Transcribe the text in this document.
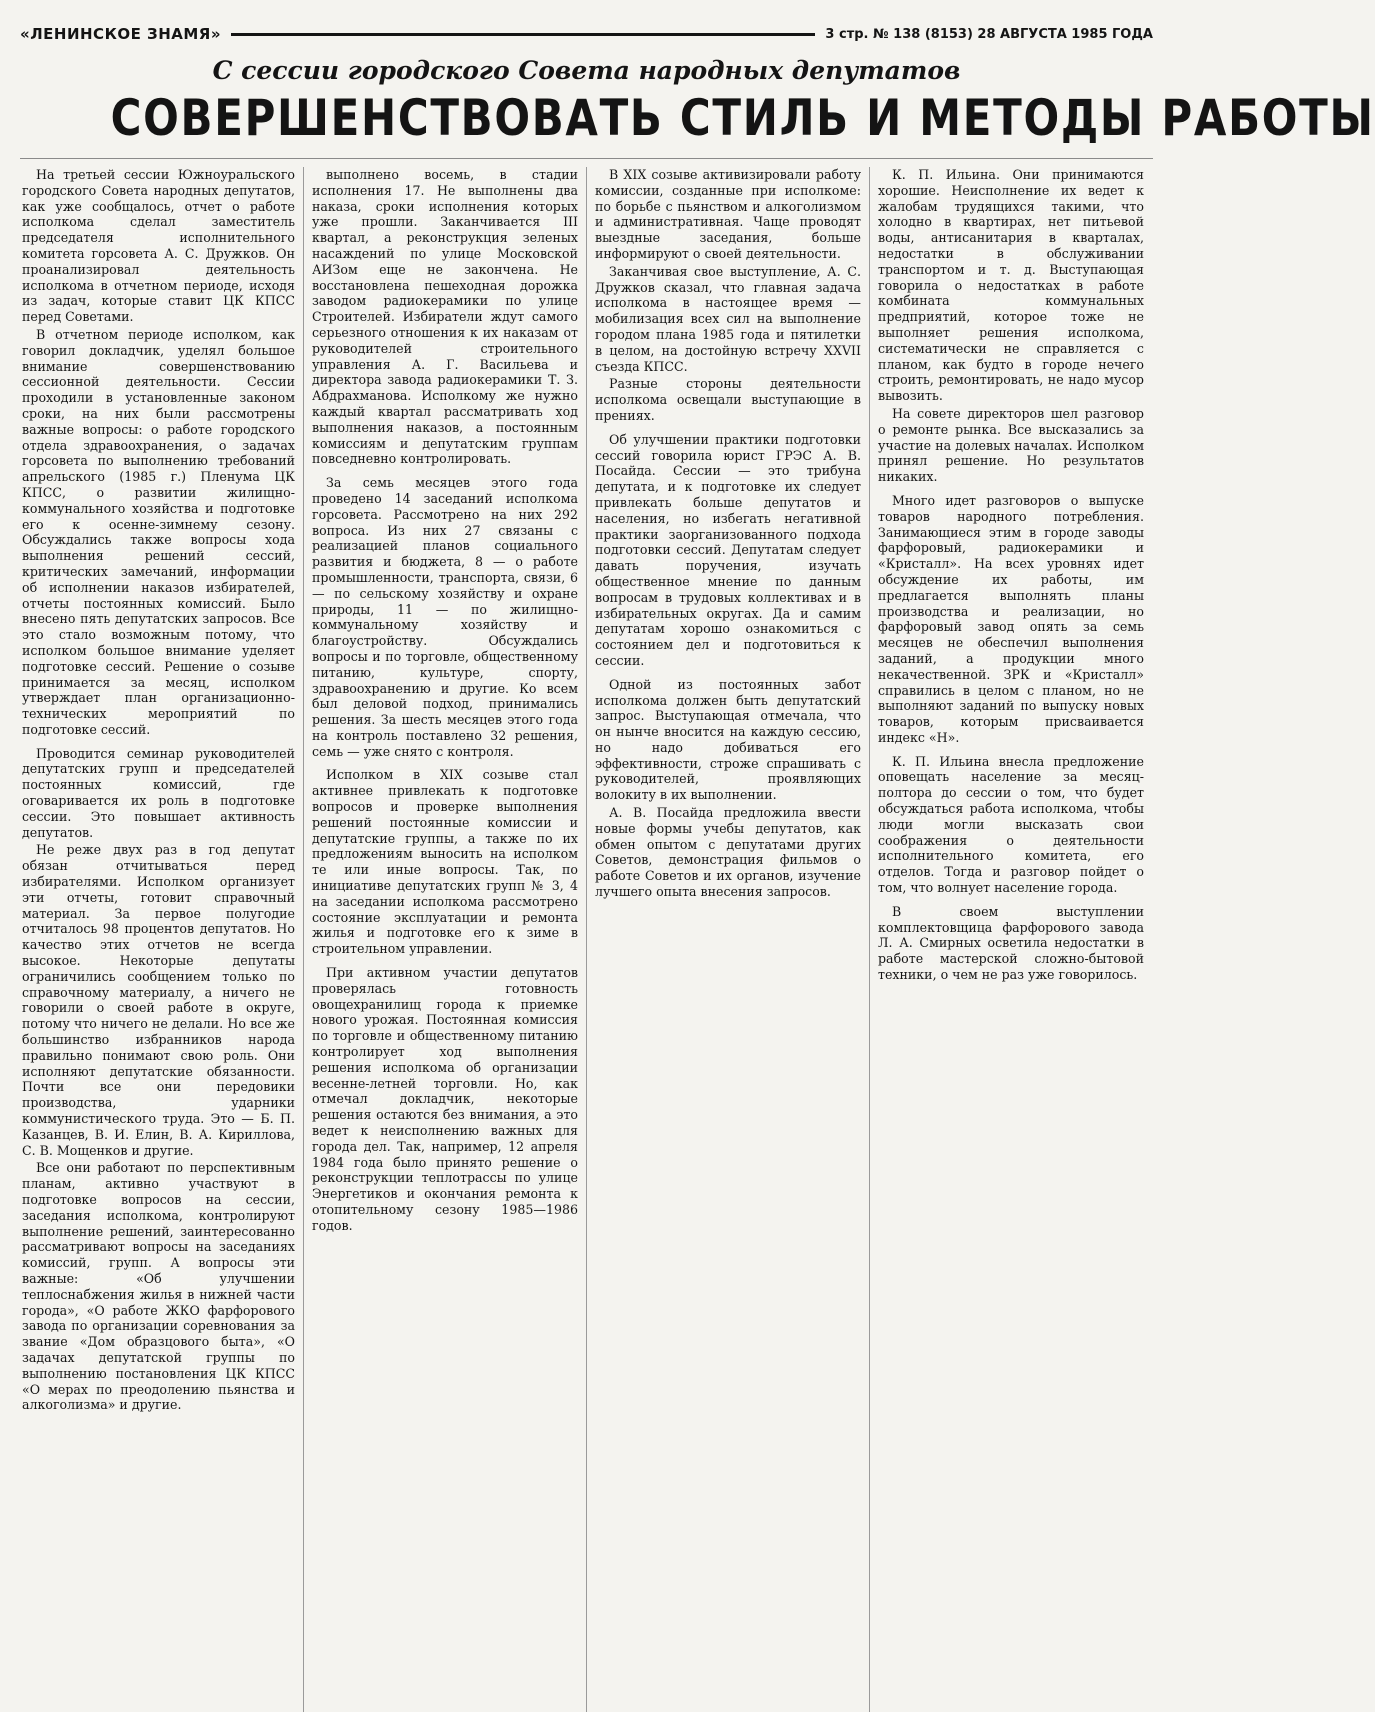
«ЛЕНИНСКОЕ ЗНАМЯ»	3 стр. № 138 (8153) 28 АВГУСТА 1985 ГОДА
С сессии городского Совета народных депутатов
СОВЕРШЕНСТВОВАТЬ СТИЛЬ И МЕТОДЫ РАБОТЫ

На третьей сессии Южноуральского городского Совета народных депутатов, как уже сообщалось, отчет о работе исполкома сделал заместитель председателя исполнительного комитета горсовета А. С. Дружков. Он проанализировал деятельность исполкома в отчетном периоде, исходя из задач, которые ставит ЦК КПСС перед Советами.

В отчетном периоде исполком, как говорил докладчик, уделял большое внимание совершенствованию сессионной деятельности. Сессии проходили в установленные законом сроки, на них были рассмотрены важные вопросы: о работе городского отдела здравоохранения, о задачах горсовета по выполнению требований апрельского (1985 г.) Пленума ЦК КПСС, о развитии жилищно-коммунального хозяйства и подготовке его к осенне-зимнему сезону. Обсуждались также вопросы хода выполнения решений сессий, критических замечаний, информации об исполнении наказов избирателей, отчеты постоянных комиссий. Было внесено пять депутатских запросов. Все это стало возможным потому, что исполком большое внимание уделяет подготовке сессий. Решение о созыве принимается за месяц, исполком утверждает план организационно-технических мероприятий по подготовке сессий.

Проводится семинар руководителей депутатских групп и председателей постоянных комиссий, где оговаривается их роль в подготовке сессии. Это повышает активность депутатов.

Не реже двух раз в год депутат обязан отчитываться перед избирателями. Исполком организует эти отчеты, готовит справочный материал. За первое полугодие отчиталось 98 процентов депутатов. Но качество этих отчетов не всегда высокое. Некоторые депутаты ограничились сообщением только по справочному материалу, а ничего не говорили о своей работе в округе, потому что ничего не делали. Но все же большинство избранников народа правильно понимают свою роль. Они исполняют депутатские обязанности. Почти все они передовики производства, ударники коммунистического труда. Это — Б. П. Казанцев, В. И. Елин, В. А. Кириллова, С. В. Мощенков и другие.

Все они работают по перспективным планам, активно участвуют в подготовке вопросов на сессии, заседания исполкома, контролируют выполнение решений, заинтересованно рассматривают вопросы на заседаниях комиссий, групп. А вопросы эти важные: «Об улучшении теплоснабжения жилья в нижней части города», «О работе ЖКО фарфорового завода по организации соревнования за звание «Дом образцового быта», «О задачах депутатской группы по выполнению постановления ЦК КПСС «О мерах по преодолению пьянства и алкоголизма» и другие.

выполнено восемь, в стадии исполнения 17. Не выполнены два наказа, сроки исполнения которых уже прошли. Заканчивается III квартал, а реконструкция зеленых насаждений по улице Московской АИЗом еще не закончена. Не восстановлена пешеходная дорожка заводом радиокерамики по улице Строителей. Избиратели ждут самого серьезного отношения к их наказам от руководителей строительного управления А. Г. Васильева и директора завода радиокерамики Т. З. Абдрахманова. Исполкому же нужно каждый квартал рассматривать ход выполнения наказов, а постоянным комиссиям и депутатским группам повседневно контролировать.

За семь месяцев этого года проведено 14 заседаний исполкома горсовета. Рассмотрено на них 292 вопроса. Из них 27 связаны с реализацией планов социального развития и бюджета, 8 — о работе промышленности, транспорта, связи, 6 — по сельскому хозяйству и охране природы, 11 — по жилищно-коммунальному хозяйству и благоустройству. Обсуждались вопросы и по торговле, общественному питанию, культуре, спорту, здравоохранению и другие. Ко всем был деловой подход, принимались решения. За шесть месяцев этого года на контроль поставлено 32 решения, семь — уже снято с контроля.

Исполком в XIX созыве стал активнее привлекать к подготовке вопросов и проверке выполнения решений постоянные комиссии и депутатские группы, а также по их предложениям выносить на исполком те или иные вопросы. Так, по инициативе депутатских групп № 3, 4 на заседании исполкома рассмотрено состояние эксплуатации и ремонта жилья и подготовке его к зиме в строительном управлении.

При активном участии депутатов проверялась готовность овощехранилищ города к приемке нового урожая. Постоянная комиссия по торговле и общественному питанию контролирует ход выполнения решения исполкома об организации весенне-летней торговли. Но, как отмечал докладчик, некоторые решения остаются без внимания, а это ведет к неисполнению важных для города дел. Так, например, 12 апреля 1984 года было принято решение о реконструкции теплотрассы по улице Энергетиков и окончания ремонта к отопительному сезону 1985—1986 годов.

В XIX созыве активизировали работу комиссии, созданные при исполкоме: по борьбе с пьянством и алкоголизмом и административная. Чаще проводят выездные заседания, больше информируют о своей деятельности.

Заканчивая свое выступление, А. С. Дружков сказал, что главная задача исполкома в настоящее время — мобилизация всех сил на выполнение городом плана 1985 года и пятилетки в целом, на достойную встречу XXVII съезда КПСС.

Разные стороны деятельности исполкома освещали выступающие в прениях.

Об улучшении практики подготовки сессий говорила юрист ГРЭС А. В. Посайда. Сессии — это трибуна депутата, и к подготовке их следует привлекать больше депутатов и населения, но избегать негативной практики заорганизованного подхода подготовки сессий. Депутатам следует давать поручения, изучать общественное мнение по данным вопросам в трудовых коллективах и в избирательных округах. Да и самим депутатам хорошо ознакомиться с состоянием дел и подготовиться к сессии.

Одной из постоянных забот исполкома должен быть депутатский запрос. Выступающая отмечала, что он нынче вносится на каждую сессию, но надо добиваться его эффективности, строже спрашивать с руководителей, проявляющих волокиту в их выполнении.

А. В. Посайда предложила ввести новые формы учебы депутатов, как обмен опытом с депутатами других Советов, демонстрация фильмов о работе Советов и их органов, изучение лучшего опыта внесения запросов.

К. П. Ильина. Они принимаются хорошие. Неисполнение их ведет к жалобам трудящихся такими, что холодно в квартирах, нет питьевой воды, антисанитария в кварталах, недостатки в обслуживании транспортом и т. д. Выступающая говорила о недостатках в работе комбината коммунальных предприятий, которое тоже не выполняет решения исполкома, систематически не справляется с планом, как будто в городе нечего строить, ремонтировать, не надо мусор вывозить.

На совете директоров шел разговор о ремонте рынка. Все высказались за участие на долевых началах. Исполком принял решение. Но результатов никаких.

Много идет разговоров о выпуске товаров народного потребления. Занимающиеся этим в городе заводы фарфоровый, радиокерамики и «Кристалл». На всех уровнях идет обсуждение их работы, им предлагается выполнять планы производства и реализации, но фарфоровый завод опять за семь месяцев не обеспечил выполнения заданий, а продукции много некачественной. ЗРК и «Кристалл» справились в целом с планом, но не выполняют заданий по выпуску новых товаров, которым присваивается индекс «Н».

К. П. Ильина внесла предложение оповещать население за месяц-полтора до сессии о том, что будет обсуждаться работа исполкома, чтобы люди могли высказать свои соображения о деятельности исполнительного комитета, его отделов. Тогда и разговор пойдет о том, что волнует население города.

В своем выступлении комплектовщица фарфорового завода Л. А. Смирных осветила недостатки в работе мастерской сложно-бытовой техники, о чем не раз уже говорилось.
